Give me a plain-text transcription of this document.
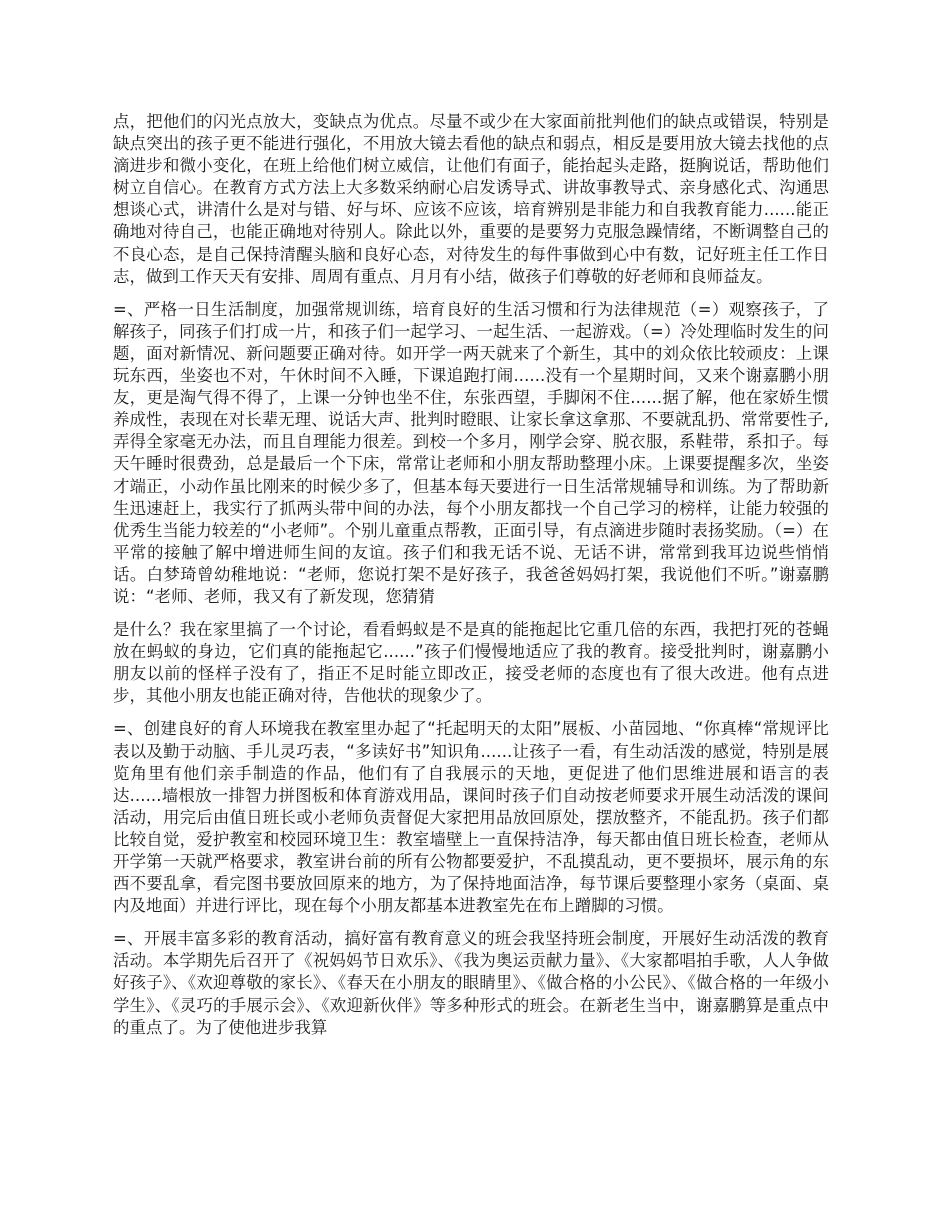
点，把他们的闪光点放大，变缺点为优点。尽量不或少在大家面前批判他们的缺点或错误，特别是缺点突出的孩子更不能进行强化，不用放大镜去看他的缺点和弱点，相反是要用放大镜去找他的点滴进步和微小变化，在班上给他们树立威信，让他们有面子，能抬起头走路，挺胸说话，帮助他们树立自信心。在教育方式方法上大多数采纳耐心启发诱导式、讲故事教导式、亲身感化式、沟通思想谈心式，讲清什么是对与错、好与坏、应该不应该，培育辨别是非能力和自我教育能力......能正确地对待自己，也能正确地对待别人。除此以外，重要的是要努力克服急躁情绪，不断调整自己的不良心态，是自己保持清醒头脑和良好心态，对待发生的每件事做到心中有数，记好班主任工作日志，做到工作天天有安排、周周有重点、月月有小结，做孩子们尊敬的好老师和良师益友。

=、严格一日生活制度，加强常规训练，培育良好的生活习惯和行为法律规范（=）观察孩子，了解孩子，同孩子们打成一片，和孩子们一起学习、一起生活、一起游戏。（=）冷处理临时发生的问题，面对新情况、新问题要正确对待。如开学一两天就来了个新生，其中的刘众依比较顽皮：上课玩东西，坐姿也不对，午休时间不入睡，下课追跑打闹......没有一个星期时间，又来个谢嘉鹏小朋友，更是淘气得不得了，上课一分钟也坐不住，东张西望，手脚闲不住......据了解，他在家娇生惯养成性，表现在对长辈无理、说话大声、批判时瞪眼、让家长拿这拿那、不要就乱扔、常常要性子,弄得全家毫无办法，而且自理能力很差。到校一个多月，刚学会穿、脱衣服，系鞋带，系扣子。每天午睡时很费劲，总是最后一个下床，常常让老师和小朋友帮助整理小床。上课要提醒多次，坐姿才端正，小动作虽比刚来的时候少多了，但基本每天要进行一日生活常规辅导和训练。为了帮助新生迅速赶上，我实行了抓两头带中间的办法，每个小朋友都找一个自己学习的榜样，让能力较强的优秀生当能力较差的“小老师”。个别儿童重点帮教，正面引导，有点滴进步随时表扬奖励。（=）在平常的接触了解中增进师生间的友谊。孩子们和我无话不说、无话不讲，常常到我耳边说些悄悄话。白梦琦曾幼稚地说：“老师，您说打架不是好孩子，我爸爸妈妈打架，我说他们不听。”谢嘉鹏说：“老师、老师，我又有了新发现，您猜猜

是什么？我在家里搞了一个讨论，看看蚂蚁是不是真的能拖起比它重几倍的东西，我把打死的苍蝇放在蚂蚁的身边，它们真的能拖起它......”孩子们慢慢地适应了我的教育。接受批判时，谢嘉鹏小朋友以前的怪样子没有了，指正不足时能立即改正，接受老师的态度也有了很大改进。他有点进步，其他小朋友也能正确对待，告他状的现象少了。

=、创建良好的育人环境我在教室里办起了“托起明天的太阳”展板、小苗园地、“你真棒“常规评比表以及勤于动脑、手儿灵巧表，“多读好书”知识角......让孩子一看，有生动活泼的感觉，特别是展览角里有他们亲手制造的作品，他们有了自我展示的天地，更促进了他们思维进展和语言的表达......墙根放一排智力拼图板和体育游戏用品，课间时孩子们自动按老师要求开展生动活泼的课间活动，用完后由值日班长或小老师负责督促大家把用品放回原处，摆放整齐，不能乱扔。孩子们都比较自觉，爱护教室和校园环境卫生：教室墙壁上一直保持洁净，每天都由值日班长检查，老师从开学第一天就严格要求，教室讲台前的所有公物都要爱护，不乱摸乱动，更不要损坏，展示角的东西不要乱拿，看完图书要放回原来的地方，为了保持地面洁净，每节课后要整理小家务（桌面、桌内及地面）并进行评比，现在每个小朋友都基本进教室先在布上蹭脚的习惯。

=、开展丰富多彩的教育活动，搞好富有教育意义的班会我坚持班会制度，开展好生动活泼的教育活动。本学期先后召开了《祝妈妈节日欢乐》、《我为奥运贡献力量》、《大家都唱拍手歌，人人争做好孩子》、《欢迎尊敬的家长》、《春天在小朋友的眼睛里》、《做合格的小公民》、《做合格的一年级小学生》、《灵巧的手展示会》、《欢迎新伙伴》等多种形式的班会。在新老生当中，谢嘉鹏算是重点中的重点了。为了使他进步我算
